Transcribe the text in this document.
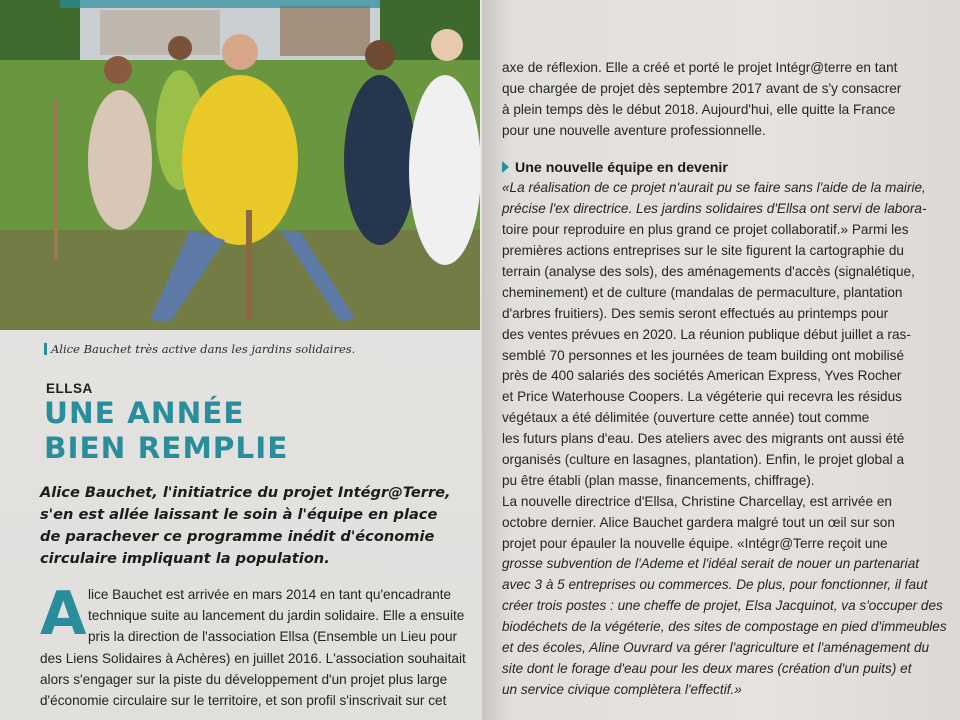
Alice Bauchet très active dans les jardins solidaires.
ELLSA
UNE ANNÉE
BIEN REMPLIE
Alice Bauchet, l'initiatrice du projet Intégr@Terre,
s'en est allée laissant le soin à l'équipe en place
de parachever ce programme inédit d'économie
circulaire impliquant la population.
A lice Bauchet est arrivée en mars 2014 en tant qu'encadrante
technique suite au lancement du jardin solidaire. Elle a ensuite
pris la direction de l'association Ellsa (Ensemble un Lieu pour
des Liens Solidaires à Achères) en juillet 2016. L'association souhaitait
alors s'engager sur la piste du développement d'un projet plus large
d'économie circulaire sur le territoire, et son profil s'inscrivait sur cet
axe de réflexion. Elle a créé et porté le projet Intégr@terre en tant
que chargée de projet dès septembre 2017 avant de s'y consacrer
à plein temps dès le début 2018. Aujourd'hui, elle quitte la France
pour une nouvelle aventure professionnelle.
Une nouvelle équipe en devenir
«La réalisation de ce projet n'aurait pu se faire sans l'aide de la mairie,
précise l'ex directrice. Les jardins solidaires d'Ellsa ont servi de labora-
toire pour reproduire en plus grand ce projet collaboratif.» Parmi les
premières actions entreprises sur le site figurent la cartographie du
terrain (analyse des sols), des aménagements d'accès (signalétique,
cheminement) et de culture (mandalas de permaculture, plantation
d'arbres fruitiers). Des semis seront effectués au printemps pour
des ventes prévues en 2020. La réunion publique début juillet a ras-
semblé 70 personnes et les journées de team building ont mobilisé
près de 400 salariés des sociétés American Express, Yves Rocher
et Price Waterhouse Coopers. La végéterie qui recevra les résidus
végétaux a été délimitée (ouverture cette année) tout comme
les futurs plans d'eau. Des ateliers avec des migrants ont aussi été
organisés (culture en lasagnes, plantation). Enfin, le projet global a
pu être établi (plan masse, financements, chiffrage).
La nouvelle directrice d'Ellsa, Christine Charcellay, est arrivée en
octobre dernier. Alice Bauchet gardera malgré tout un œil sur son
projet pour épauler la nouvelle équipe. «Intégr@Terre reçoit une
grosse subvention de l'Ademe et l'idéal serait de nouer un partenariat
avec 3 à 5 entreprises ou commerces. De plus, pour fonctionner, il faut
créer trois postes : une cheffe de projet, Elsa Jacquinot, va s'occuper des
biodéchets de la végéterie, des sites de compostage en pied d'immeubles
et des écoles, Aline Ouvrard va gérer l'agriculture et l'aménagement du
site dont le forage d'eau pour les deux mares (création d'un puits) et
un service civique complètera l'effectif.»
